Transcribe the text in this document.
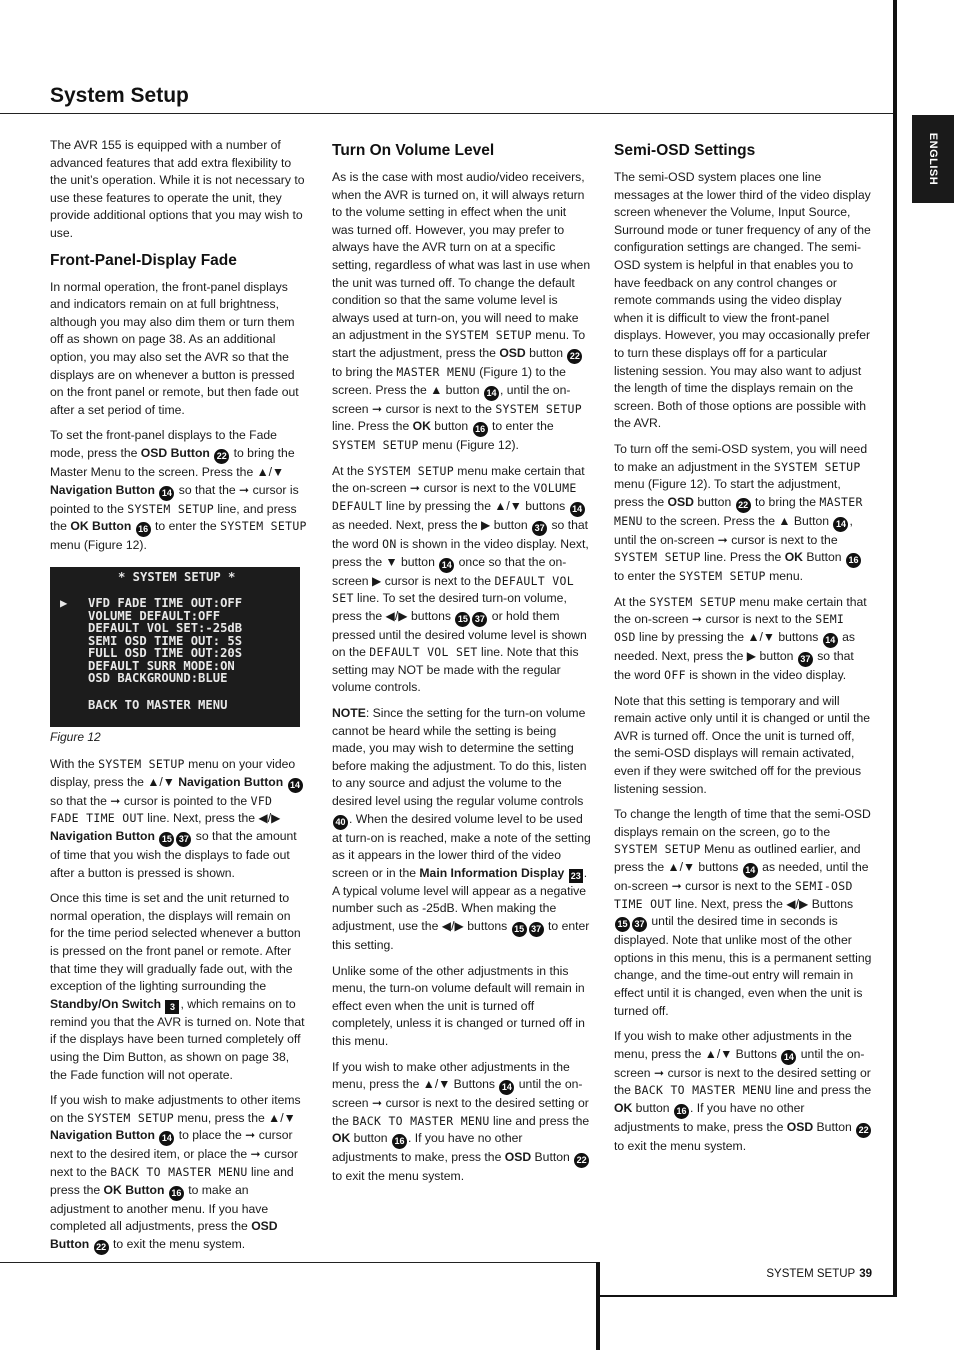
System Setup
ENGLISH

The AVR 155 is equipped with a number of advanced features that add extra flexibility to the unit’s operation. While it is not necessary to use these features to operate the unit, they provide additional options that you may wish to use.

Front-Panel-Display Fade

In normal operation, the front-panel displays and indicators remain on at full brightness, although you may also dim them or turn them off as shown on page 38. As an additional option, you may also set the AVR so that the displays are on whenever a button is pressed on the front panel or remote, but then fade out after a set period of time.

To set the front-panel displays to the Fade mode, press the OSD Button 22 to bring the Master Menu to the screen. Press the ▲/▼ Navigation Button 14 so that the ➞ cursor is pointed to the SYSTEM SETUP line, and press the OK Button 16 to enter the SYSTEM SETUP menu (Figure 12).

* SYSTEM SETUP *
▶	VFD FADE TIME OUT:OFF
VOLUME DEFAULT:OFF
DEFAULT VOL SET:-25dB
SEMI OSD TIME OUT: 5S
FULL OSD TIME OUT:20S
DEFAULT SURR MODE:ON
OSD BACKGROUND:BLUE
BACK TO MASTER MENU

Figure 12

With the SYSTEM SETUP menu on your video display, press the ▲/▼ Navigation Button 14 so that the ➞ cursor is pointed to the VFD FADE TIME OUT line. Next, press the ◀/▶ Navigation Button 15 37 so that the amount of time that you wish the displays to fade out after a button is pressed is shown.

Once this time is set and the unit returned to normal operation, the displays will remain on for the time period selected whenever a button is pressed on the front panel or remote. After that time they will gradually fade out, with the exception of the lighting surrounding the Standby/On Switch 3 , which remains on to remind you that the AVR is turned on. Note that if the displays have been turned completely off using the Dim Button, as shown on page 38, the Fade function will not operate.

If you wish to make adjustments to other items on the SYSTEM SETUP menu, press the ▲/▼ Navigation Button 14 to place the ➞ cursor next to the desired item, or place the ➞ cursor next to the BACK TO MASTER MENU line and press the OK Button 16 to make an adjustment to another menu. If you have completed all adjustments, press the OSD Button 22 to exit the menu system.

Turn On Volume Level

As is the case with most audio/video receivers, when the AVR is turned on, it will always return to the volume setting in effect when the unit was turned off. However, you may prefer to always have the AVR turn on at a specific setting, regardless of what was last in use when the unit was turned off. To change the default condition so that the same volume level is always used at turn-on, you will need to make an adjustment in the SYSTEM SETUP menu. To start the adjustment, press the OSD button 22 to bring the MASTER MENU (Figure 1) to the screen. Press the ▲ button 14 , until the on-screen ➞ cursor is next to the SYSTEM SETUP line. Press the OK button 16 to enter the SYSTEM SETUP menu (Figure 12).

At the SYSTEM SETUP menu make certain that the on-screen ➞ cursor is next to the VOLUME DEFAULT line by pressing the ▲/▼ buttons 14 as needed. Next, press the ▶ button 37 so that the word ON is shown in the video display. Next, press the ▼ button 14 once so that the on-screen ▶ cursor is next to the DEFAULT VOL SET line. To set the desired turn-on volume, press the ◀/▶ buttons 15 37 or hold them pressed until the desired volume level is shown on the DEFAULT VOL SET line. Note that this setting may NOT be made with the regular volume controls.

NOTE: Since the setting for the turn-on volume cannot be heard while the setting is being made, you may wish to determine the setting before making the adjustment. To do this, listen to any source and adjust the volume to the desired level using the regular volume controls 40 . When the desired volume level to be used at turn-on is reached, make a note of the setting as it appears in the lower third of the video screen or in the Main Information Display 23 .
A typical volume level will appear as a negative number such as -25dB. When making the adjustment, use the ◀/▶ buttons 15 37 to enter this setting.

Unlike some of the other adjustments in this menu, the turn-on volume default will remain in effect even when the unit is turned off completely, unless it is changed or turned off in this menu.

If you wish to make other adjustments in the menu, press the ▲/▼ Buttons 14 until the on-screen ➞ cursor is next to the desired setting or the BACK TO MASTER MENU line and press the OK button 16 . If you have no other adjustments to make, press the OSD Button 22 to exit the menu system.

Semi-OSD Settings

The semi-OSD system places one line messages at the lower third of the video display screen whenever the Volume, Input Source, Surround mode or tuner frequency of any of the configuration settings are changed. The semi-OSD system is helpful in that enables you to have feedback on any control changes or remote commands using the video display when it is difficult to view the front-panel displays. However, you may occasionally prefer to turn these displays off for a particular listening session. You may also want to adjust the length of time the displays remain on the screen. Both of those options are possible with the AVR.

To turn off the semi-OSD system, you will need to make an adjustment in the SYSTEM SETUP menu (Figure 12). To start the adjustment, press the OSD button 22 to bring the MASTER MENU to the screen. Press the ▲ Button 14 , until the on-screen ➞ cursor is next to the SYSTEM SETUP line. Press the OK Button 16 to enter the SYSTEM SETUP menu.

At the SYSTEM SETUP menu make certain that the on-screen ➞ cursor is next to the SEMI OSD line by pressing the ▲/▼ buttons 14 as needed. Next, press the ▶ button 37 so that the word OFF is shown in the video display.

Note that this setting is temporary and will remain active only until it is changed or until the AVR is turned off. Once the unit is turned off, the semi-OSD displays will remain activated, even if they were switched off for the previous listening session.

To change the length of time that the semi-OSD displays remain on the screen, go to the SYSTEM SETUP Menu as outlined earlier, and press the ▲/▼ buttons 14 as needed, until the on-screen ➞ cursor is next to the SEMI-OSD TIME OUT line. Next, press the ◀/▶ Buttons 15 37 until the desired time in seconds is displayed. Note that unlike most of the other options in this menu, this is a permanent setting change, and the time-out entry will remain in effect until it is changed, even when the unit is turned off.

If you wish to make other adjustments in the menu, press the ▲/▼ Buttons 14 until the on-screen ➞ cursor is next to the desired setting or the BACK TO MASTER MENU line and press the OK button 16 . If you have no other adjustments to make, press the OSD Button 22 to exit the menu system.

SYSTEM SETUP 39
